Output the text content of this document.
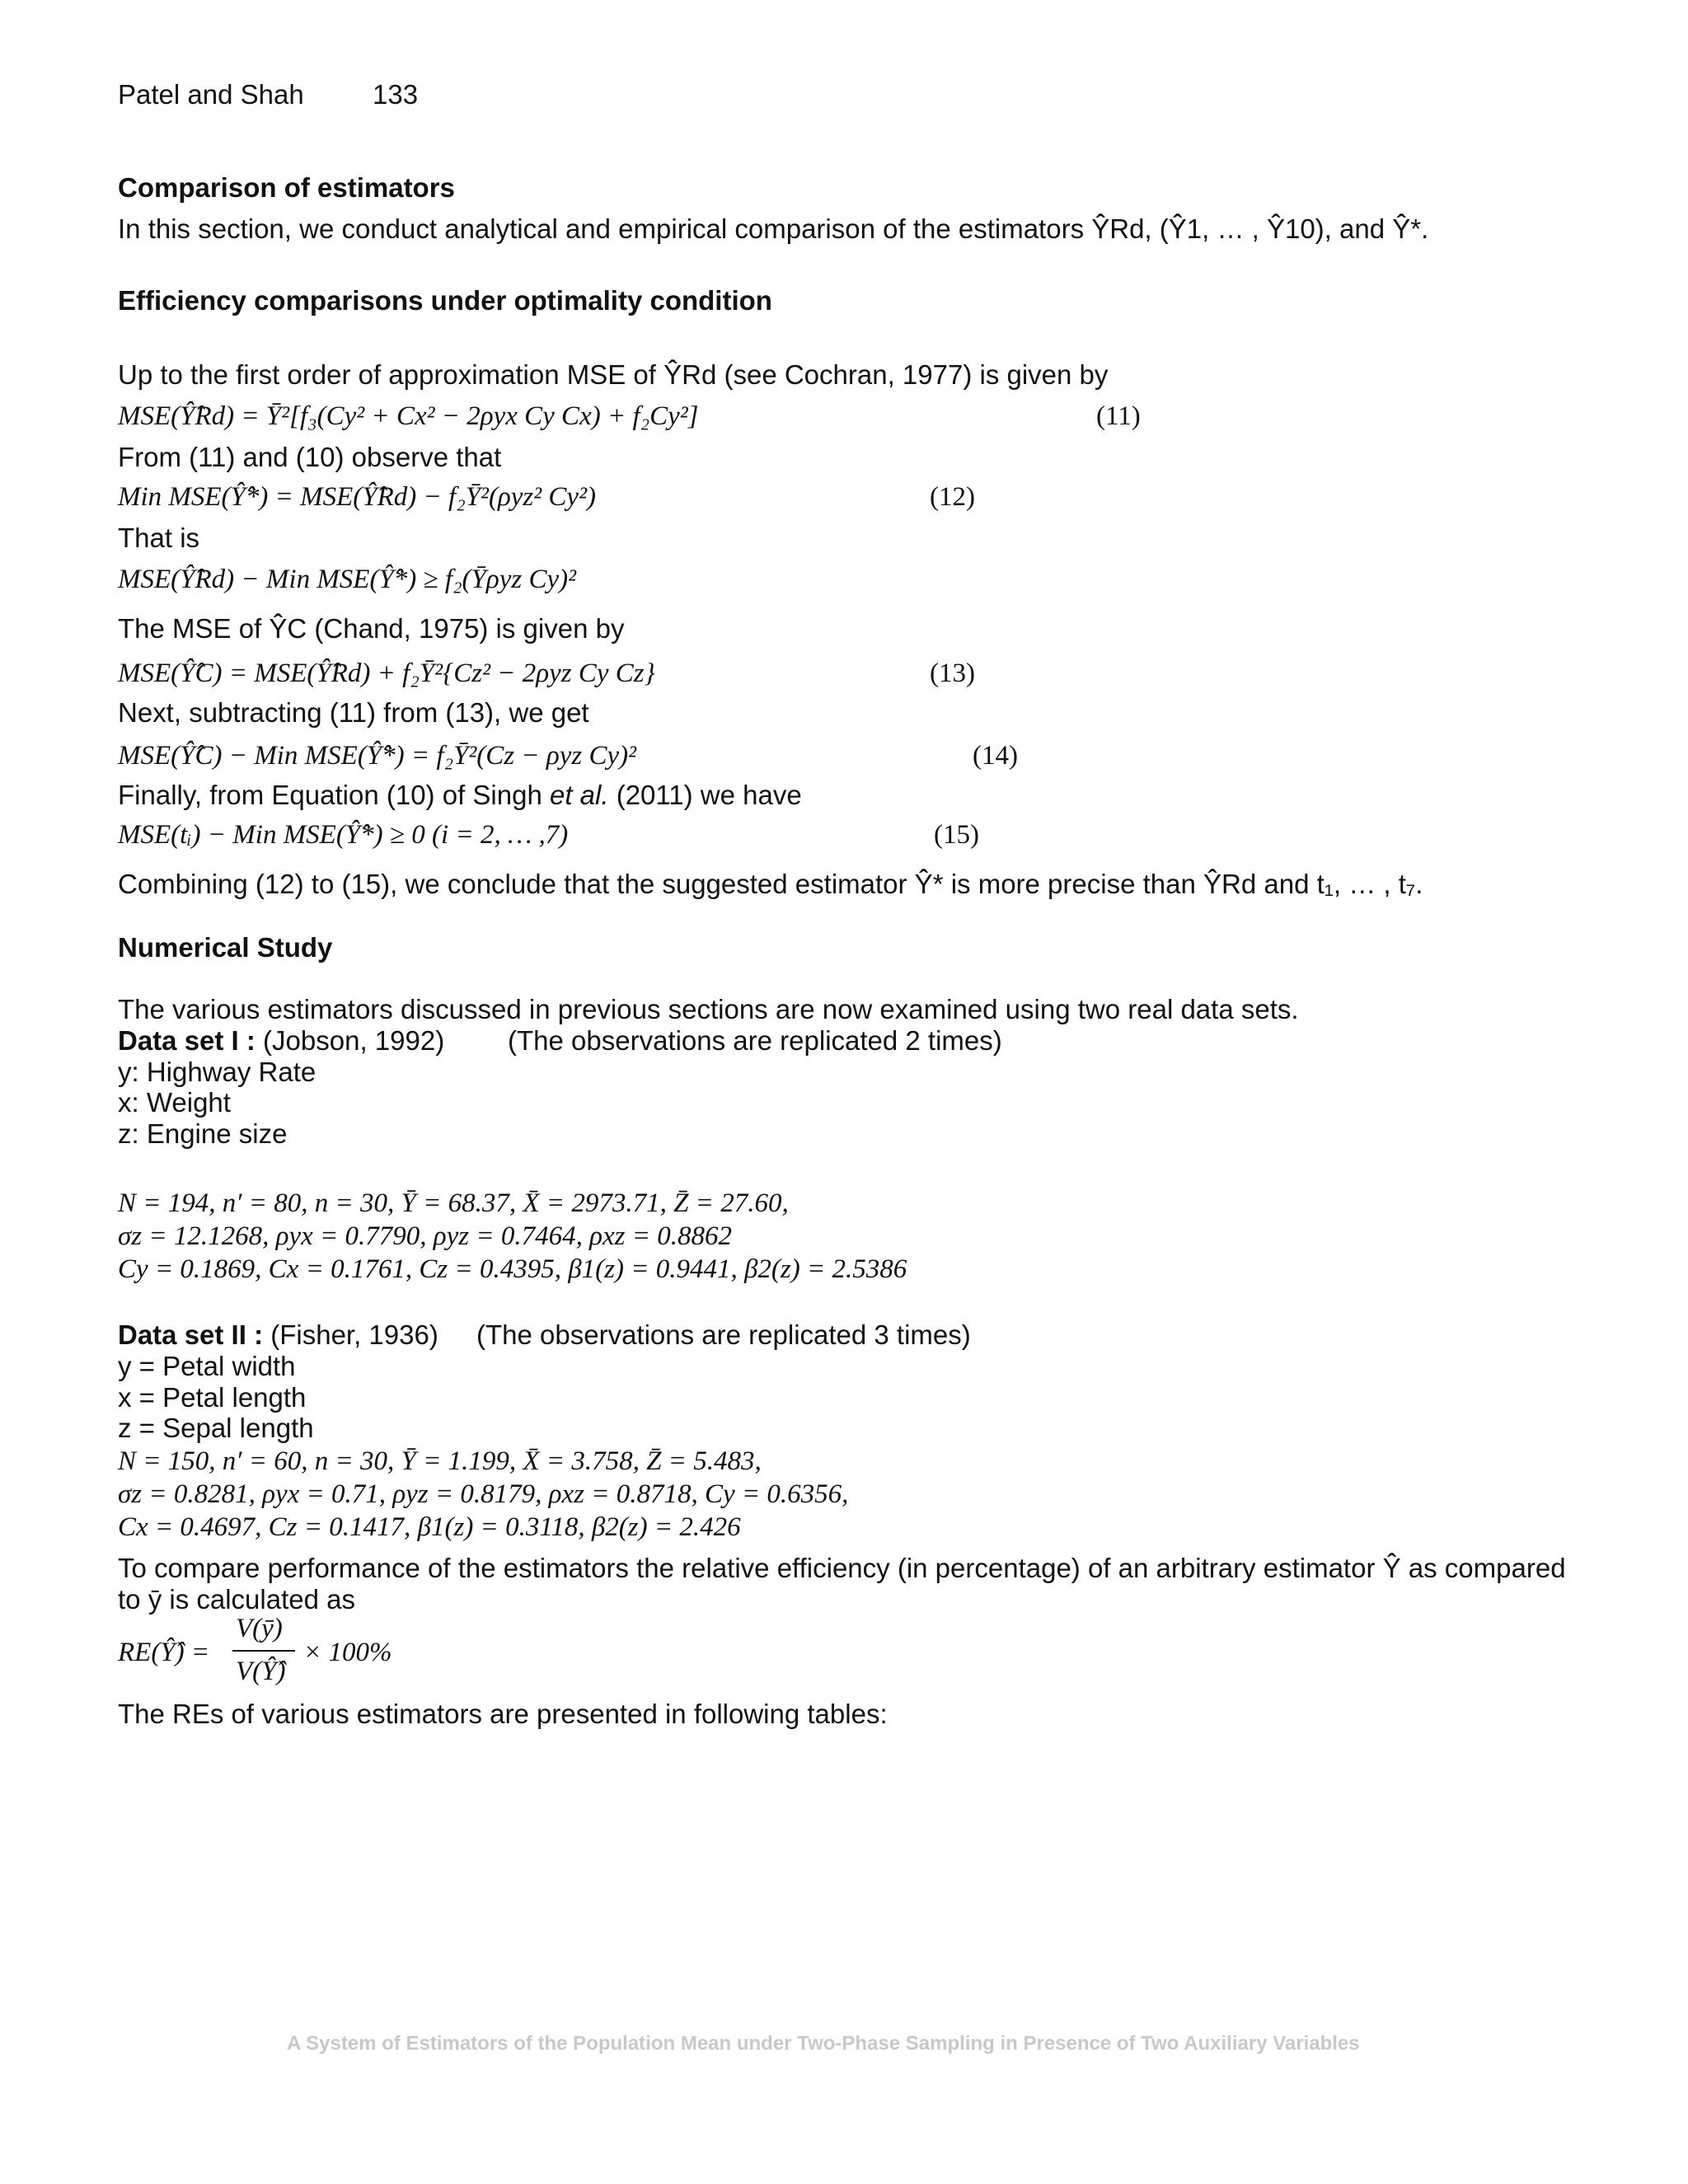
Patel and Shah	133
Comparison of estimators
In this section, we conduct analytical and empirical comparison of the estimators Ŷ̂Rd, (Ŷ̂1, … , Ŷ̂10), and Ŷ̂*.
Efficiency comparisons under optimality condition
Up to the first order of approximation MSE of Ŷ̂Rd (see Cochran, 1977) is given by
MSE(Ŷ̂Rd) = Ȳ²[f₃(Cy² + Cx² − 2ρyx Cy Cx) + f₂Cy²]	(11)
From (11) and (10) observe that
Min MSE(Ŷ̂*) = MSE(Ŷ̂Rd) − f₂Ȳ²(ρyz² Cy²)	(12)
That is
MSE(Ŷ̂Rd) − Min MSE(Ŷ̂*) ≥ f₂(Ȳρyz Cy)²
The MSE of Ŷ̂C (Chand, 1975) is given by
MSE(Ŷ̂C) = MSE(Ŷ̂Rd) + f₂Ȳ²{Cz² − 2ρyz Cy Cz}	(13)
Next, subtracting (11) from (13), we get
MSE(Ŷ̂C) − Min MSE(Ŷ̂*) = f₂Ȳ²(Cz − ρyz Cy)²	(14)
Finally, from Equation (10) of Singh et al. (2011) we have
MSE(tᵢ) − Min MSE(Ŷ̂*) ≥ 0 (i = 2, … ,7)	(15)
Combining (12) to (15), we conclude that the suggested estimator Ŷ̂* is more precise than Ŷ̂Rd and t₁, … , t₇.
Numerical Study
The various estimators discussed in previous sections are now examined using two real data sets.
Data set I : (Jobson, 1992) (The observations are replicated 2 times)
y: Highway Rate
x: Weight
z: Engine size
N = 194, n′ = 80, n = 30, Ȳ = 68.37, X̄ = 2973.71, Z̄ = 27.60,
σz = 12.1268, ρyx = 0.7790, ρyz = 0.7464, ρxz = 0.8862
Cy = 0.1869, Cx = 0.1761, Cz = 0.4395, β1(z) = 0.9441, β2(z) = 2.5386
Data set II : (Fisher, 1936) (The observations are replicated 3 times)
y = Petal width
x = Petal length
z = Sepal length
N = 150, n′ = 60, n = 30, Ȳ = 1.199, X̄ = 3.758, Z̄ = 5.483,
σz = 0.8281, ρyx = 0.71, ρyz = 0.8179, ρxz = 0.8718, Cy = 0.6356,
Cx = 0.4697, Cz = 0.1417, β1(z) = 0.3118, β2(z) = 2.426
To compare performance of the estimators the relative efficiency (in percentage) of an arbitrary estimator Ŷ̂ as compared
to ȳ is calculated as
RE(Ŷ̂) =
V(ȳ)
V(Ŷ̂)
× 100%
The REs of various estimators are presented in following tables:
A System of Estimators of the Population Mean under Two-Phase Sampling in Presence of Two Auxiliary Variables
